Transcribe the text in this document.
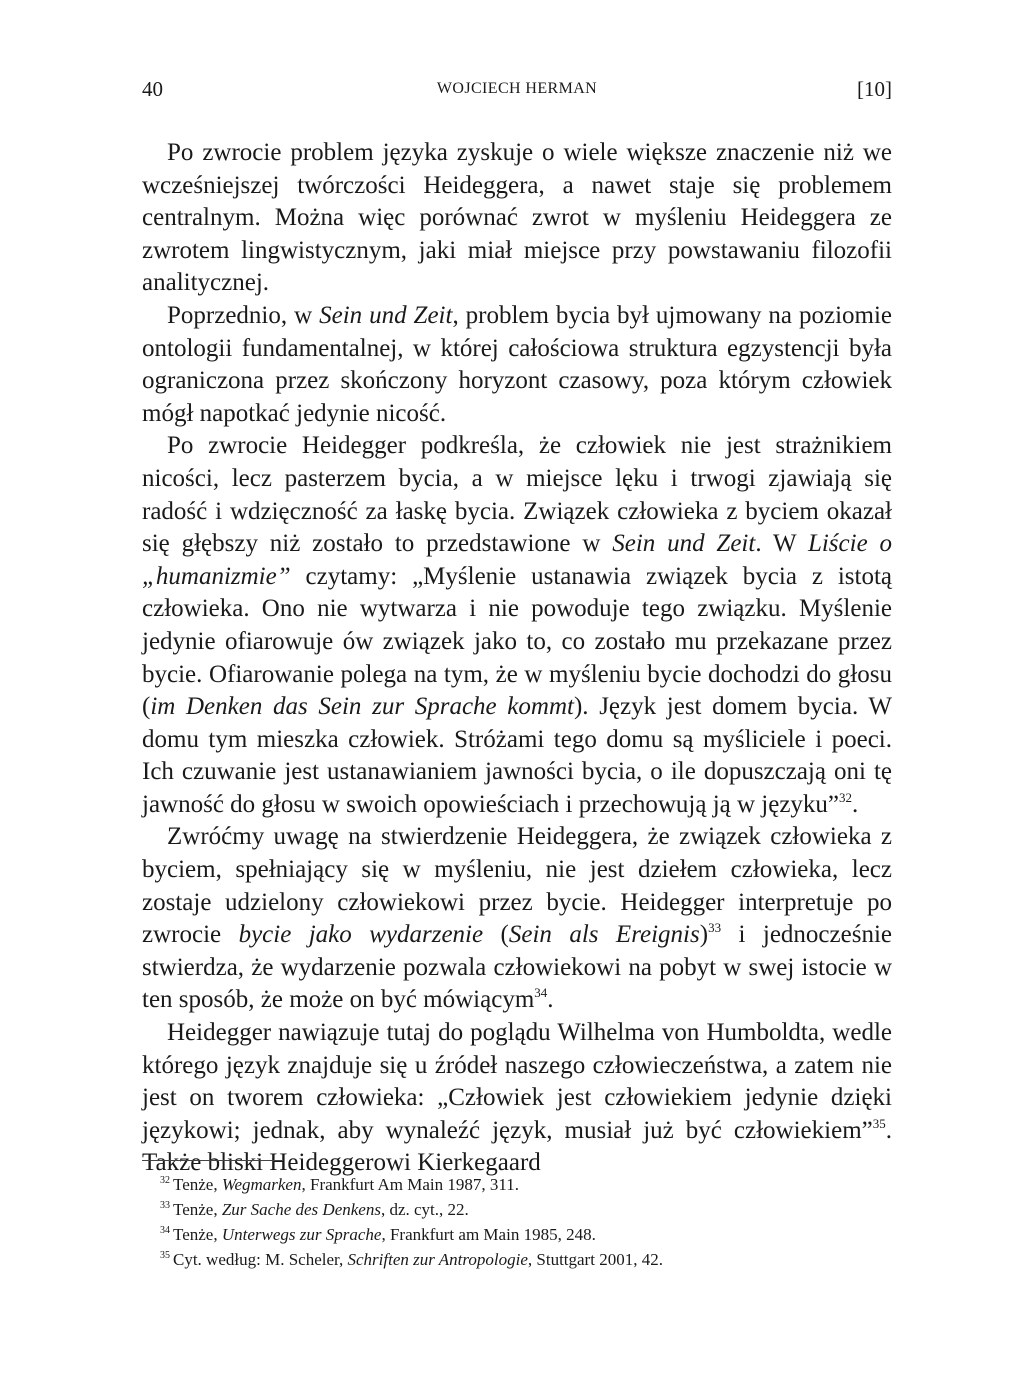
40	WOJCIECH HERMAN	[10]

Po zwrocie problem języka zyskuje o wiele większe znaczenie niż we wcześniejszej twórczości Heideggera, a nawet staje się problemem centralnym. Można więc porównać zwrot w myśleniu Heideggera ze zwrotem lingwistycznym, jaki miał miejsce przy powstawaniu filozofii analitycznej.

Poprzednio, w Sein und Zeit, problem bycia był ujmowany na poziomie ontologii fundamentalnej, w której całościowa struktura egzystencji była ograniczona przez skończony horyzont czasowy, poza którym człowiek mógł napotkać jedynie nicość.

Po zwrocie Heidegger podkreśla, że człowiek nie jest strażnikiem nicości, lecz pasterzem bycia, a w miejsce lęku i trwogi zjawiają się radość i wdzięczność za łaskę bycia. Związek człowieka z byciem okazał się głębszy niż zostało to przedstawione w Sein und Zeit. W Liście o „humanizmie” czytamy: „Myślenie ustanawia związek bycia z istotą człowieka. Ono nie wytwarza i nie powoduje tego związku. Myślenie jedynie ofiarowuje ów związek jako to, co zostało mu przekazane przez bycie. Ofiarowanie polega na tym, że w myśleniu bycie dochodzi do głosu (im Denken das Sein zur Sprache kommt). Język jest domem bycia. W domu tym mieszka człowiek. Stróżami tego domu są myśliciele i poeci. Ich czuwanie jest ustanawianiem jawności bycia, o ile dopuszczają oni tę jawność do głosu w swoich opowieściach i przechowują ją w języku”$^{32}$.

Zwróćmy uwagę na stwierdzenie Heideggera, że związek człowieka z byciem, spełniający się w myśleniu, nie jest dziełem człowieka, lecz zostaje udzielony człowiekowi przez bycie. Heidegger interpretuje po zwrocie bycie jako wydarzenie (Sein als Ereignis)$^{33}$ i jednocześnie stwierdza, że wydarzenie pozwala człowiekowi na pobyt w swej istocie w ten sposób, że może on być mówiącym$^{34}$.

Heidegger nawiązuje tutaj do poglądu Wilhelma von Humboldta, wedle którego język znajduje się u źródeł naszego człowieczeństwa, a zatem nie jest on tworem człowieka: „Człowiek jest człowiekiem jedynie dzięki językowi; jednak, aby wynaleźć język, musiał już być człowiekiem”$^{35}$. Także bliski Heideggerowi Kierkegaard

$^{32}$ Tenże, Wegmarken, Frankfurt Am Main 1987, 311.

$^{33}$ Tenże, Zur Sache des Denkens, dz. cyt., 22.

$^{34}$ Tenże, Unterwegs zur Sprache, Frankfurt am Main 1985, 248.

$^{35}$ Cyt. według: M. Scheler, Schriften zur Antropologie, Stuttgart 2001, 42.
